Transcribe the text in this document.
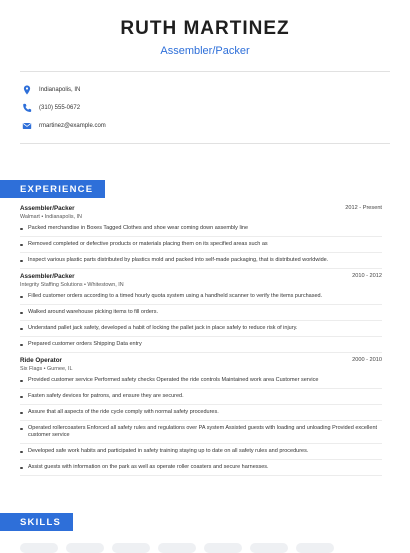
RUTH MARTINEZ
Assembler/Packer
Indianapolis, IN
(310) 555-0672
rmartinez@example.com
EXPERIENCE
Assembler/Packer	2012 - Present
Walmart • Indianapolis, IN
Packed merchandise in Boxes Tagged Clothes and shoe wear coming down assembly line
Removed completed or defective products or materials placing them on its specified areas such as
Inspect various plastic parts distributed by plastics mold and packed into self-made packaging, that is distributed worldwide.
Assembler/Packer	2010 - 2012
Integrity Staffing Solutions • Whitestown, IN
Filled customer orders according to a timed hourly quota system using a handheld scanner to verify the items purchased.
Walked around warehouse picking items to fill orders.
Understand pallet jack safety, developed a habit of locking the pallet jack in place safely to reduce risk of injury.
Prepared customer orders Shipping Data entry
Ride Operator	2000 - 2010
Six Flags • Gurnee, IL
Provided customer service Performed safety checks Operated the ride controls Maintained work area Customer service
Fasten safety devices for patrons, and ensure they are secured.
Assure that all aspects of the ride cycle comply with normal safety procedures.
Operated rollercoasters Enforced all safety rules and regulations over PA system Assisted guests with loading and unloading Provided excellent customer service
Developed safe work habits and participated in safety training staying up to date on all safety rules and procedures.
Assist guests with information on the park as well as operate roller coasters and secure harnesses.
SKILLS
